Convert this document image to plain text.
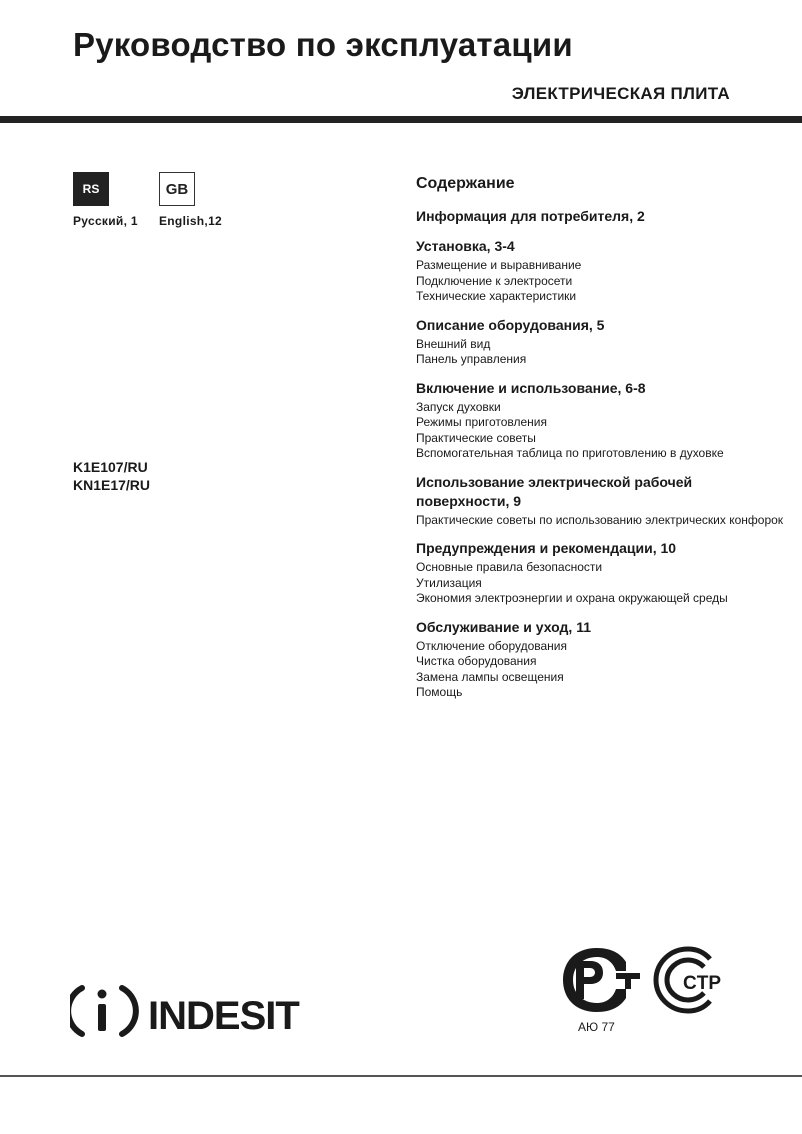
Руководство по эксплуатации
ЭЛЕКТРИЧЕСКАЯ ПЛИТА
RS
Русский, 1
GB
English,12
K1E107/RU
KN1E17/RU
Содержание
Информация для потребителя, 2
Установка, 3-4
Размещение и выравнивание
Подключение к электросети
Технические характеристики
Описание оборудования, 5
Внешний вид
Панель управления
Включение и использование, 6-8
Запуск духовки
Режимы приготовления
Практические советы
Вспомогательная таблица по приготовлению в духовке
Использование электрической рабочей поверхности, 9
Практические советы по использованию электрических конфорок
Предупреждения и рекомендации, 10
Основные правила безопасности
Утилизация
Экономия электроэнергии и охрана окружающей среды
Обслуживание и уход, 11
Отключение оборудования
Чистка оборудования
Замена лампы освещения
Помощь
INDESIT
CTP
АЮ 77
